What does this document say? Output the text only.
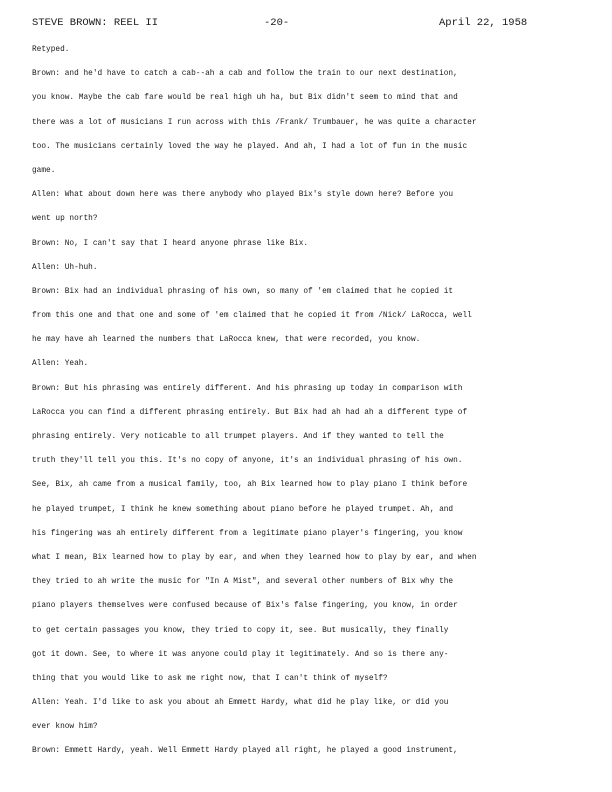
STEVE BROWN: REEL II	-20-	April 22, 1958
Retyped.
Brown: and he'd have to catch a cab--ah a cab and follow the train to our next destination,
you know. Maybe the cab fare would be real high uh ha, but Bix didn't seem to mind that and
there was a lot of musicians I run across with this /Frank/ Trumbauer, he was quite a character
too. The musicians certainly loved the way he played. And ah, I had a lot of fun in the music
game.
Allen: What about down here was there anybody who played Bix's style down here? Before you
went up north?
Brown: No, I can't say that I heard anyone phrase like Bix.
Allen: Uh-huh.
Brown: Bix had an individual phrasing of his own, so many of 'em claimed that he copied it
from this one and that one and some of 'em claimed that he copied it from /Nick/ LaRocca, well
he may have ah learned the numbers that LaRocca knew, that were recorded, you know.
Allen: Yeah.
Brown: But his phrasing was entirely different. And his phrasing up today in comparison with
LaRocca you can find a different phrasing entirely. But Bix had ah had ah a different type of
phrasing entirely. Very noticable to all trumpet players. And if they wanted to tell the
truth they'll tell you this. It's no copy of anyone, it's an individual phrasing of his own.
See, Bix, ah came from a musical family, too, ah Bix learned how to play piano I think before
he played trumpet, I think he knew something about piano before he played trumpet. Ah, and
his fingering was ah entirely different from a legitimate piano player's fingering, you know
what I mean, Bix learned how to play by ear, and when they learned how to play by ear, and when
they tried to ah write the music for "In A Mist", and several other numbers of Bix why the
piano players themselves were confused because of Bix's false fingering, you know, in order
to get certain passages you know, they tried to copy it, see. But musically, they finally
got it down. See, to where it was anyone could play it legitimately. And so is there any-
thing that you would like to ask me right now, that I can't think of myself?
Allen: Yeah. I'd like to ask you about ah Emmett Hardy, what did he play like, or did you
ever know him?
Brown: Emmett Hardy, yeah. Well Emmett Hardy played all right, he played a good instrument,
